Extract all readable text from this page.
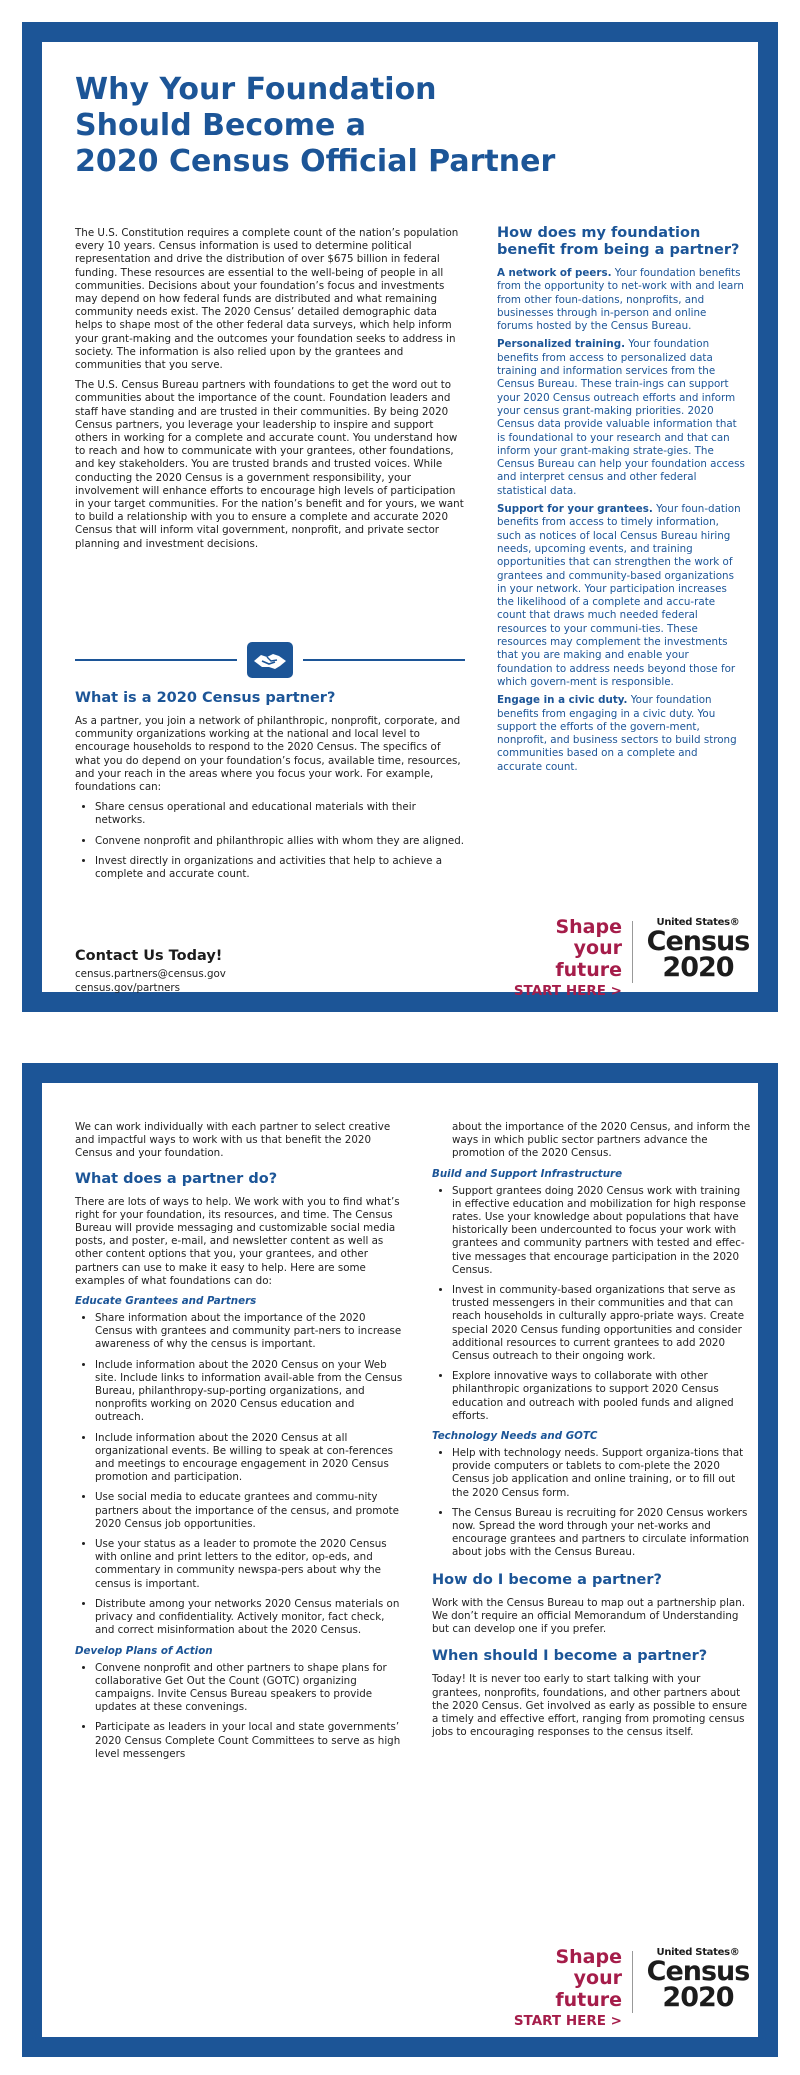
Why Your Foundation
Should Become a
2020 Census Official Partner

The U.S. Constitution requires a complete count of the nation’s population every 10 years. Census information is used to determine political representation and drive the distribution of over $675 billion in federal funding. These resources are essential to the well-being of people in all communities. Decisions about your foundation’s focus and investments may depend on how federal funds are distributed and what remaining community needs exist. The 2020 Census’ detailed demographic data helps to shape most of the other federal data surveys, which help inform your grant-making and the outcomes your foundation seeks to address in society. The information is also relied upon by the grantees and communities that you serve.

The U.S. Census Bureau partners with foundations to get the word out to communities about the importance of the count. Foundation leaders and staff have standing and are trusted in their communities. By being 2020 Census partners, you leverage your leadership to inspire and support others in working for a complete and accurate count. You understand how to reach and how to communicate with your grantees, other foundations, and key stakeholders. You are trusted brands and trusted voices. While conducting the 2020 Census is a government responsibility, your involvement will enhance efforts to encourage high levels of participation in your target communities. For the nation’s benefit and for yours, we want to build a relationship with you to ensure a complete and accurate 2020 Census that will inform vital government, nonprofit, and private sector planning and investment decisions.

What is a 2020 Census partner?

As a partner, you join a network of philanthropic, nonprofit, corporate, and community organizations working at the national and local level to encourage households to respond to the 2020 Census. The specifics of what you do depend on your foundation’s focus, available time, resources, and your reach in the areas where you focus your work. For example, foundations can:

• Share census operational and educational materials with their networks.
• Convene nonprofit and philanthropic allies with whom they are aligned.
• Invest directly in organizations and activities that help to achieve a complete and accurate count.
How does my foundation benefit from being a partner?

A network of peers. Your foundation benefits from the opportunity to net-work with and learn from other foun-dations, nonprofits, and businesses through in-person and online forums hosted by the Census Bureau.

Personalized training. Your foundation benefits from access to personalized data training and information services from the Census Bureau. These train-ings can support your 2020 Census outreach efforts and inform your census grant-making priorities. 2020 Census data provide valuable information that is foundational to your research and that can inform your grant-making strate-gies. The Census Bureau can help your foundation access and interpret census and other federal statistical data.

Support for your grantees. Your foun-dation benefits from access to timely information, such as notices of local Census Bureau hiring needs, upcoming events, and training opportunities that can strengthen the work of grantees and community-based organizations in your network. Your participation increases the likelihood of a complete and accu-rate count that draws much needed federal resources to your communi-ties. These resources may complement the investments that you are making and enable your foundation to address needs beyond those for which govern-ment is responsible.

Engage in a civic duty. Your foundation benefits from engaging in a civic duty. You support the efforts of the govern-ment, nonprofit, and business sectors to build strong communities based on a complete and accurate count.

Contact Us Today!

census.partners@census.gov

census.gov/partners

Shape
your future
START HERE >
United States®
Census
2020

We can work individually with each partner to select creative and impactful ways to work with us that benefit the 2020 Census and your foundation.

What does a partner do?

There are lots of ways to help. We work with you to find what’s right for your foundation, its resources, and time. The Census Bureau will provide messaging and customizable social media posts, and poster, e-mail, and newsletter content as well as other content options that you, your grantees, and other partners can use to make it easy to help. Here are some examples of what foundations can do:

Educate Grantees and Partners
• Share information about the importance of the 2020 Census with grantees and community part-ners to increase awareness of why the census is important.
• Include information about the 2020 Census on your Web site. Include links to information avail-able from the Census Bureau, philanthropy-sup-porting organizations, and nonprofits working on 2020 Census education and outreach.
• Include information about the 2020 Census at all organizational events. Be willing to speak at con-ferences and meetings to encourage engagement in 2020 Census promotion and participation.
• Use social media to educate grantees and commu-nity partners about the importance of the census, and promote 2020 Census job opportunities.
• Use your status as a leader to promote the 2020 Census with online and print letters to the editor, op-eds, and commentary in community newspa-pers about why the census is important.
• Distribute among your networks 2020 Census materials on privacy and confidentiality. Actively monitor, fact check, and correct misinformation about the 2020 Census.
Develop Plans of Action
• Convene nonprofit and other partners to shape plans for collaborative Get Out the Count (GOTC) organizing campaigns. Invite Census Bureau speakers to provide updates at these convenings.
• Participate as leaders in your local and state governments’ 2020 Census Complete Count Committees to serve as high level messengers

about the importance of the 2020 Census, and inform the ways in which public sector partners advance the promotion of the 2020 Census.

Build and Support Infrastructure
• Support grantees doing 2020 Census work with training in effective education and mobilization for high response rates. Use your knowledge about populations that have historically been undercounted to focus your work with grantees and community partners with tested and effec-tive messages that encourage participation in the 2020 Census.
• Invest in community-based organizations that serve as trusted messengers in their communities and that can reach households in culturally appro-priate ways. Create special 2020 Census funding opportunities and consider additional resources to current grantees to add 2020 Census outreach to their ongoing work.
• Explore innovative ways to collaborate with other philanthropic organizations to support 2020 Census education and outreach with pooled funds and aligned efforts.
Technology Needs and GOTC
• Help with technology needs. Support organiza-tions that provide computers or tablets to com-plete the 2020 Census job application and online training, or to fill out the 2020 Census form.
• The Census Bureau is recruiting for 2020 Census workers now. Spread the word through your net-works and encourage grantees and partners to circulate information about jobs with the Census Bureau.
How do I become a partner?

Work with the Census Bureau to map out a partnership plan. We don’t require an official Memorandum of Understanding but can develop one if you prefer.

When should I become a partner?

Today! It is never too early to start talking with your grantees, nonprofits, foundations, and other partners about the 2020 Census. Get involved as early as possible to ensure a timely and effective effort, ranging from promoting census jobs to encouraging responses to the census itself.

Shape
your future
START HERE >
United States®
Census
2020
